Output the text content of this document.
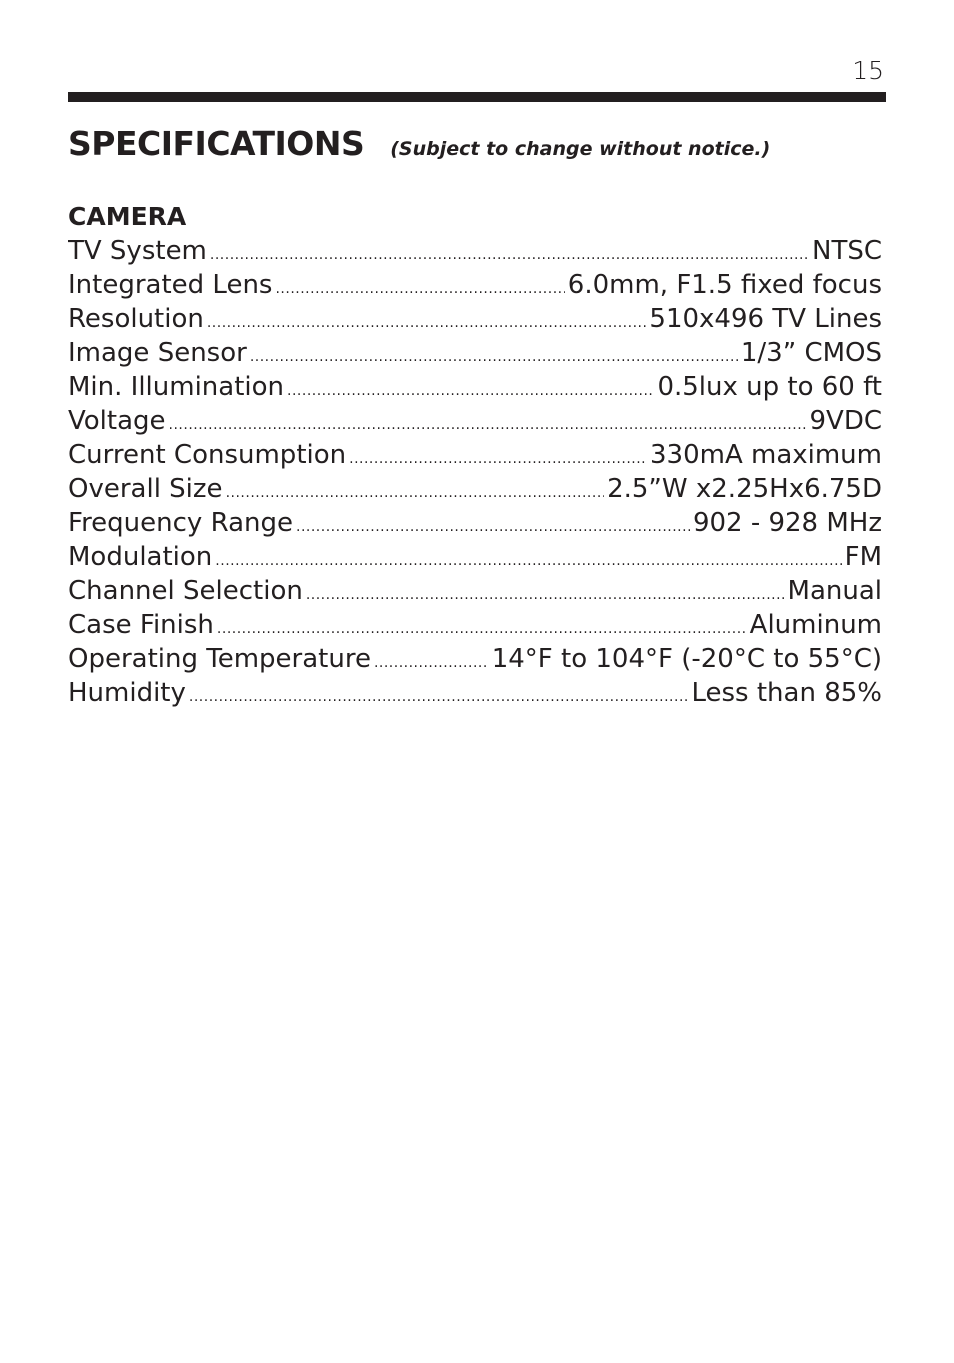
15
SPECIFICATIONS (Subject to change without notice.)
CAMERA
TV System .....	NTSC
Integrated Lens .....	6.0mm, F1.5 fixed focus
Resolution .....	510x496 TV Lines
Image Sensor .....	1/3” CMOS
Min. Illumination .....	0.5lux up to 60 ft
Voltage .....	9VDC
Current Consumption .....	330mA maximum
Overall Size .....	2.5”W x2.25Hx6.75D
Frequency Range .....	902 - 928 MHz
Modulation .....	FM
Channel Selection .....	Manual
Case Finish .....	Aluminum
Operating Temperature .....	14°F to 104°F (-20°C to 55°C)
Humidity .....	Less than 85%
